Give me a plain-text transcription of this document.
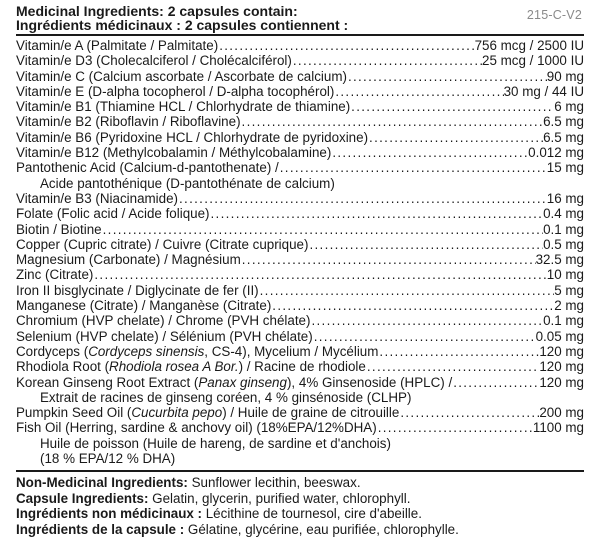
215-C-V2
Medicinal Ingredients: 2 capsules contain:
Ingrédients médicinaux : 2 capsules contiennent :
Vitamin/e A (Palmitate / Palmitate) . . .	756 mcg / 2500 IU
Vitamin/e D3 (Cholecalciferol / Cholécalciférol) . . .	25 mcg / 1000 IU
Vitamin/e C (Calcium ascorbate / Ascorbate de calcium) . . .	90 mg
Vitamin/e E (D-alpha tocopherol / D-alpha tocophérol) . . .	30 mg / 44 IU
Vitamin/e B1 (Thiamine HCL / Chlorhydrate de thiamine) . . .	6 mg
Vitamin/e B2 (Riboflavin / Riboflavine) . . .	6.5 mg
Vitamin/e B6 (Pyridoxine HCL / Chlorhydrate de pyridoxine) . . .	6.5 mg
Vitamin/e B12 (Methylcobalamin / Méthylcobalamine) . . .	0.012 mg
Pantothenic Acid (Calcium-d-pantothenate) / . . .	15 mg
Acide pantothénique (D-pantothénate de calcium)
Vitamin/e B3 (Niacinamide) . . .	16 mg
Folate (Folic acid / Acide folique) . . .	0.4 mg
Biotin / Biotine . . .	0.1 mg
Copper (Cupric citrate) / Cuivre (Citrate cuprique) . . .	0.5 mg
Magnesium (Carbonate) / Magnésium . . .	32.5 mg
Zinc (Citrate) . . .	10 mg
Iron II bisglycinate / Diglycinate de fer (II) . . .	5 mg
Manganese (Citrate) / Manganèse (Citrate) . . .	2 mg
Chromium (HVP chelate) / Chrome (PVH chélate) . . .	0.1 mg
Selenium (HVP chelate) / Sélénium (PVH chélate) . . .	0.05 mg
Cordyceps (Cordyceps sinensis, CS-4), Mycelium / Mycélium . . .	120 mg
Rhodiola Root (Rhodiola rosea A Bor.) / Racine de rhodiole . . .	120 mg
Korean Ginseng Root Extract (Panax ginseng), 4% Ginsenoside (HPLC) / . . .	120 mg
Extrait de racines de ginseng coréen, 4 % ginsénoside (CLHP)
Pumpkin Seed Oil (Cucurbita pepo) / Huile de graine de citrouille . . .	200 mg
Fish Oil (Herring, sardine & anchovy oil) (18%EPA/12%DHA) . . .	1100 mg
Huile de poisson (Huile de hareng, de sardine et d'anchois)
(18 % EPA/12 % DHA)
Non-Medicinal Ingredients: Sunflower lecithin, beeswax.
Capsule Ingredients: Gelatin, glycerin, purified water, chlorophyll.
Ingrédients non médicinaux : Lécithine de tournesol, cire d'abeille.
Ingrédients de la capsule : Gélatine, glycérine, eau purifiée, chlorophylle.
